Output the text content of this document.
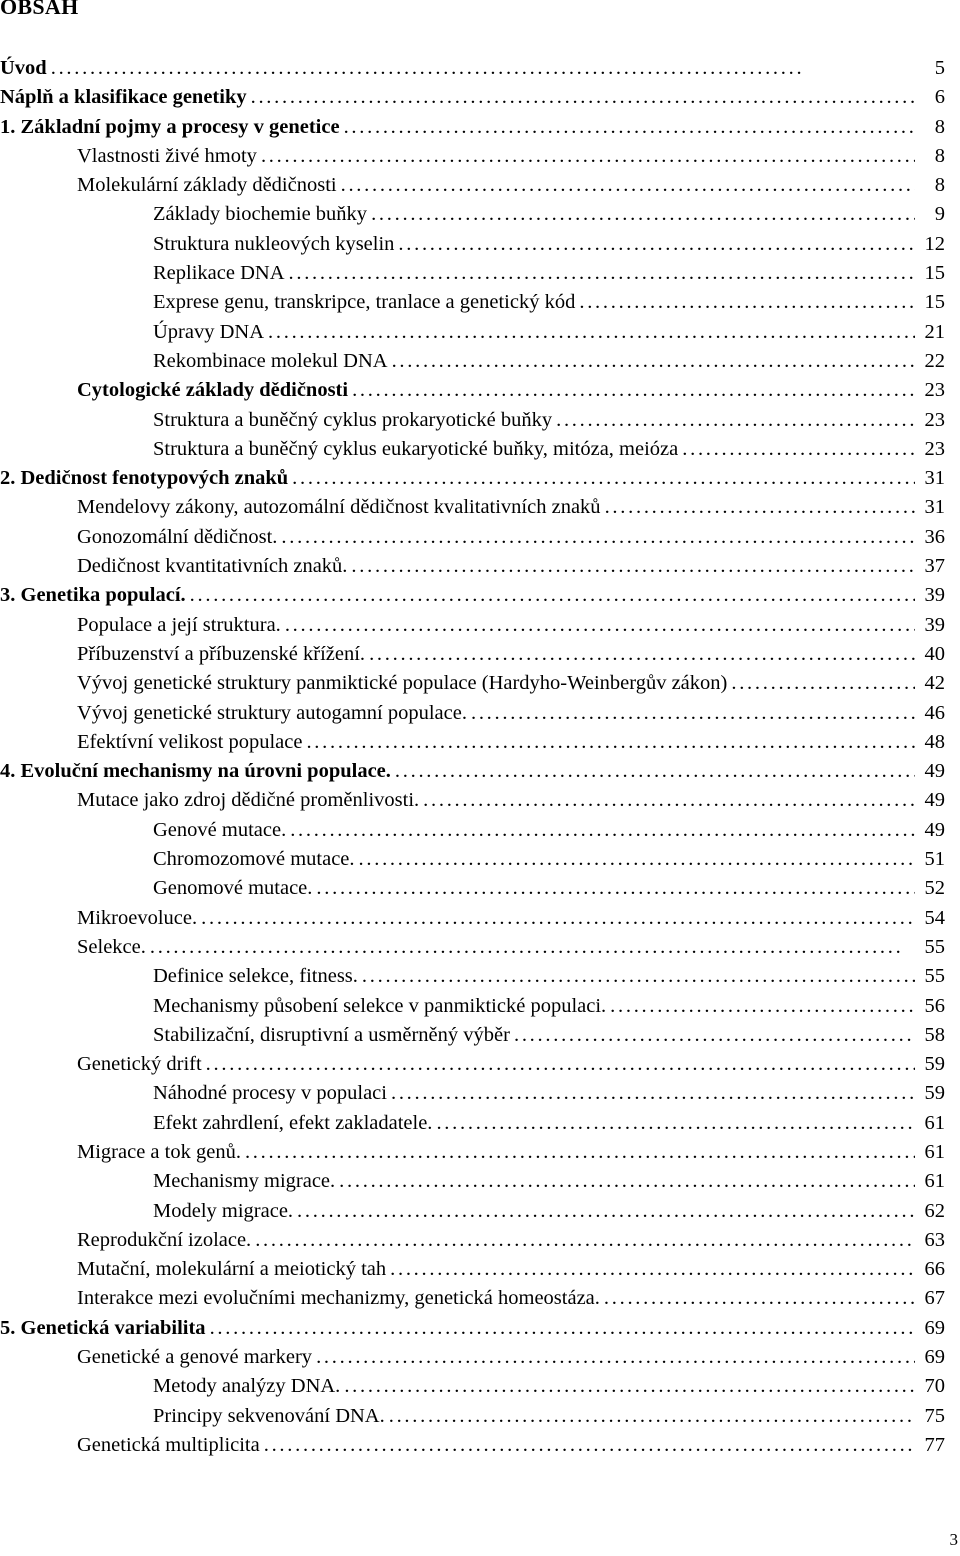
OBSAH
Úvod . . .	5
Náplň a klasifikace genetiky . . .	6
1. Základní pojmy a procesy v genetice . . .	8
Vlastnosti živé hmoty . . .	8
Molekulární základy dědičnosti . . .	8
Základy biochemie buňky . . .	9
Struktura nukleových kyselin . . .	12
Replikace DNA . . .	15
Exprese genu, transkripce, tranlace a genetický kód . . .	15
Úpravy DNA . . .	21
Rekombinace molekul DNA . . .	22
Cytologické základy dědičnosti . . .	23
Struktura a buněčný cyklus prokaryotické buňky . . .	23
Struktura a buněčný cyklus eukaryotické buňky, mitóza, meióza . . .	23
2. Dedičnost fenotypových znaků . . .	31
Mendelovy zákony, autozomální dědičnost kvalitativních znaků . . .	31
Gonozomální dědičnost. . . .	36
Dedičnost kvantitativních znaků. . . .	37
3. Genetika populací. . . .	39
Populace a její struktura. . . .	39
Příbuzenství a příbuzenské křížení. . . .	40
Vývoj genetické struktury panmiktické populace (Hardyho-Weinbergův zákon) . . .	42
Vývoj genetické struktury autogamní populace. . . .	46
Efektívní velikost populace . . .	48
4. Evoluční mechanismy na úrovni populace. . . .	49
Mutace jako zdroj dědičné proměnlivosti. . . .	49
Genové mutace. . . .	49
Chromozomové mutace. . . .	51
Genomové mutace. . . .	52
Mikroevoluce. . . .	54
Selekce. . . .	55
Definice selekce, fitness. . . .	55
Mechanismy působení selekce v panmiktické populaci. . . .	56
Stabilizační, disruptivní a usměrněný výběr . . .	58
Genetický drift . . .	59
Náhodné procesy v populaci . . .	59
Efekt zahrdlení, efekt zakladatele. . . .	61
Migrace a tok genů. . . .	61
Mechanismy migrace. . . .	61
Modely migrace. . . .	62
Reprodukční izolace. . . .	63
Mutační, molekulární a meiotický tah . . .	66
Interakce mezi evolučními mechanizmy, genetická homeostáza. . . .	67
5. Genetická variabilita . . .	69
Genetické a genové markery . . .	69
Metody analýzy DNA. . . .	70
Principy sekvenování DNA. . . .	75
Genetická multiplicita . . .	77
3
